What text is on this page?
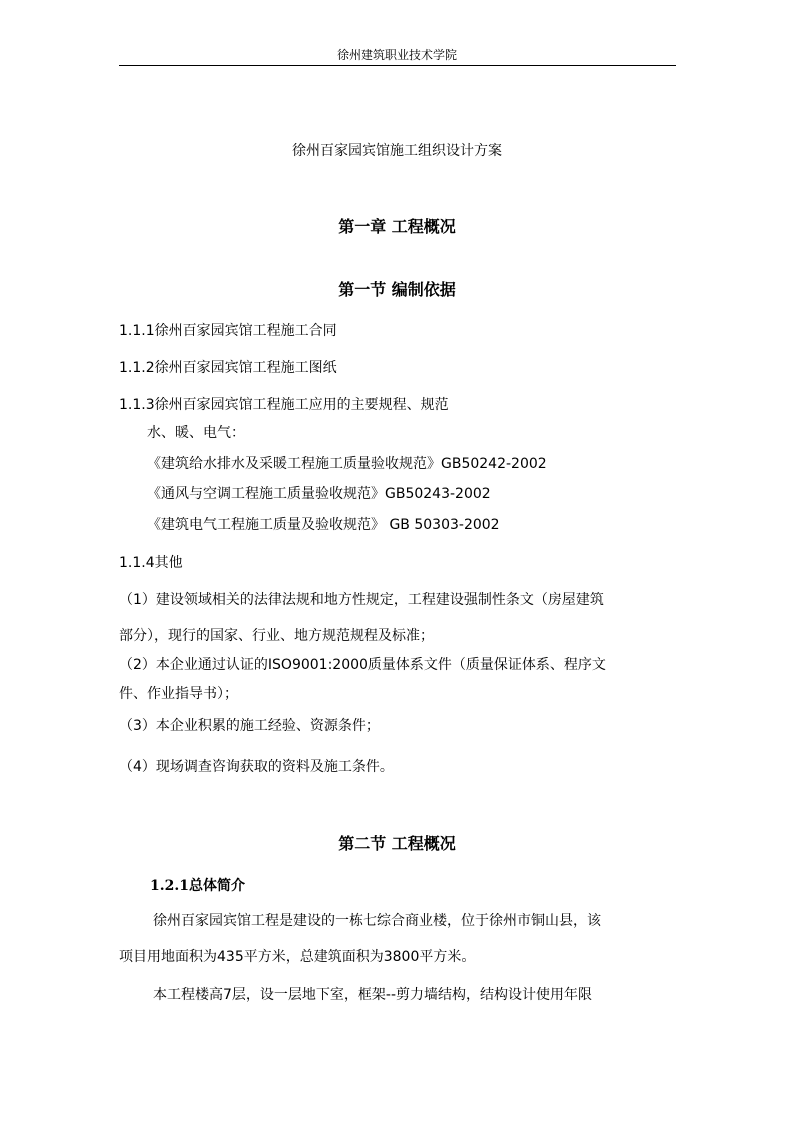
徐州建筑职业技术学院
徐州百家园宾馆施工组织设计方案
第一章 工程概况
第一节 编制依据
1.1.1徐州百家园宾馆工程施工合同
1.1.2徐州百家园宾馆工程施工图纸
1.1.3徐州百家园宾馆工程施工应用的主要规程、规范
水、暖、电气：
《建筑给水排水及采暖工程施工质量验收规范》GB50242-2002
《通风与空调工程施工质量验收规范》GB50243-2002
《建筑电气工程施工质量及验收规范》 GB 50303-2002
1.1.4其他
（1）建设领域相关的法律法规和地方性规定，工程建设强制性条文（房屋建筑
部分），现行的国家、行业、地方规范规程及标准；
（2）本企业通过认证的ISO9001:2000质量体系文件（质量保证体系、程序文
件、作业指导书）；
（3）本企业积累的施工经验、资源条件；
（4）现场调查咨询获取的资料及施工条件。
第二节 工程概况
1.2.1总体简介
徐州百家园宾馆工程是建设的一栋七综合商业楼，位于徐州市铜山县，该
项目用地面积为435平方米，总建筑面积为3800平方米。
本工程楼高7层，设一层地下室，框架--剪力墙结构，结构设计使用年限
